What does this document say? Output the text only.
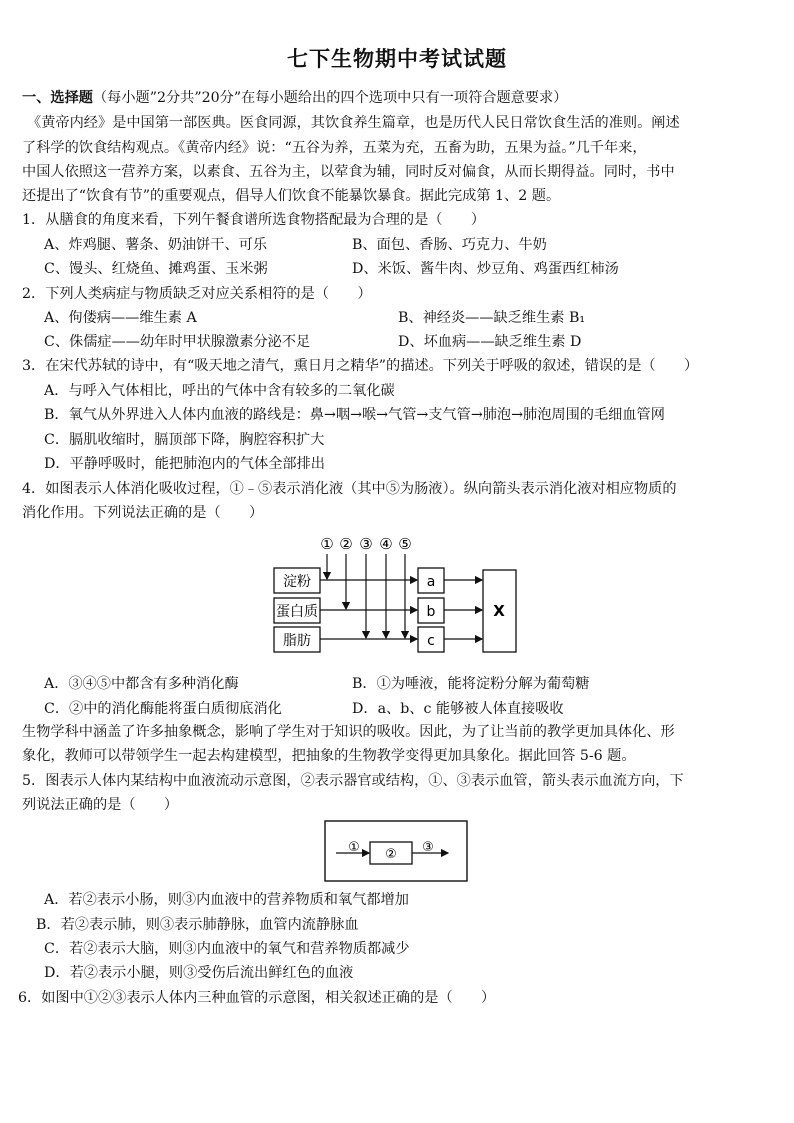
七下生物期中考试试题
一、选择题（每小题”2分共”20分”在每小题给出的四个选项中只有一项符合题意要求）
《黄帝内经》是中国第一部医典。医食同源，其饮食养生篇章，也是历代人民日常饮食生活的准则。阐述
了科学的饮食结构观点。《黄帝内经》说：“五谷为养，五菜为充，五畜为助，五果为益。”几千年来，
中国人依照这一营养方案，以素食、五谷为主，以荤食为辅，同时反对偏食，从而长期得益。同时，书中
还提出了“饮食有节”的重要观点，倡导人们饮食不能暴饮暴食。据此完成第 1、2 题。
1．从膳食的角度来看，下列午餐食谱所选食物搭配最为合理的是（　　）
A、炸鸡腿、薯条、奶油饼干、可乐	B、面包、香肠、巧克力、牛奶
C、馒头、红烧鱼、摊鸡蛋、玉米粥	D、米饭、酱牛肉、炒豆角、鸡蛋西红柿汤
2．下列人类病症与物质缺乏对应关系相符的是（　　）
A、佝偻病——维生素 A	B、神经炎——缺乏维生素 B₁
C、侏儒症——幼年时甲状腺激素分泌不足	D、坏血病——缺乏维生素 D
3．在宋代苏轼的诗中，有“吸天地之清气，熏日月之精华”的描述。下列关于呼吸的叙述，错误的是（　　）
A．与呼入气体相比，呼出的气体中含有较多的二氧化碳
B．氧气从外界进入人体内血液的路线是：鼻→咽→喉→气管→支气管→肺泡→肺泡周围的毛细血管网
C．膈肌收缩时，膈顶部下降，胸腔容积扩大
D．平静呼吸时，能把肺泡内的气体全部排出
4．如图表示人体消化吸收过程，①﹣⑤表示消化液（其中⑤为肠液）。纵向箭头表示消化液对相应物质的
消化作用。下列说法正确的是（　　）
① ② ③ ④ ⑤
淀粉
蛋白质
脂肪
a
b
c
X
A．③④⑤中都含有多种消化酶	B．①为唾液，能将淀粉分解为葡萄糖
C．②中的消化酶能将蛋白质彻底消化	D．a、b、c 能够被人体直接吸收
生物学科中涵盖了许多抽象概念，影响了学生对于知识的吸收。因此，为了让当前的教学更加具体化、形
象化，教师可以带领学生一起去构建模型，把抽象的生物教学变得更加具象化。据此回答 5-6 题。
5．图表示人体内某结构中血液流动示意图，②表示器官或结构，①、③表示血管，箭头表示血流方向，下
列说法正确的是（　　）
②
①	③
A．若②表示小肠，则③内血液中的营养物质和氧气都增加
B．若②表示肺，则③表示肺静脉，血管内流静脉血
C．若②表示大脑，则③内血液中的氧气和营养物质都减少
D．若②表示小腿，则③受伤后流出鲜红色的血液
6．如图中①②③表示人体内三种血管的示意图，相关叙述正确的是（　　）
